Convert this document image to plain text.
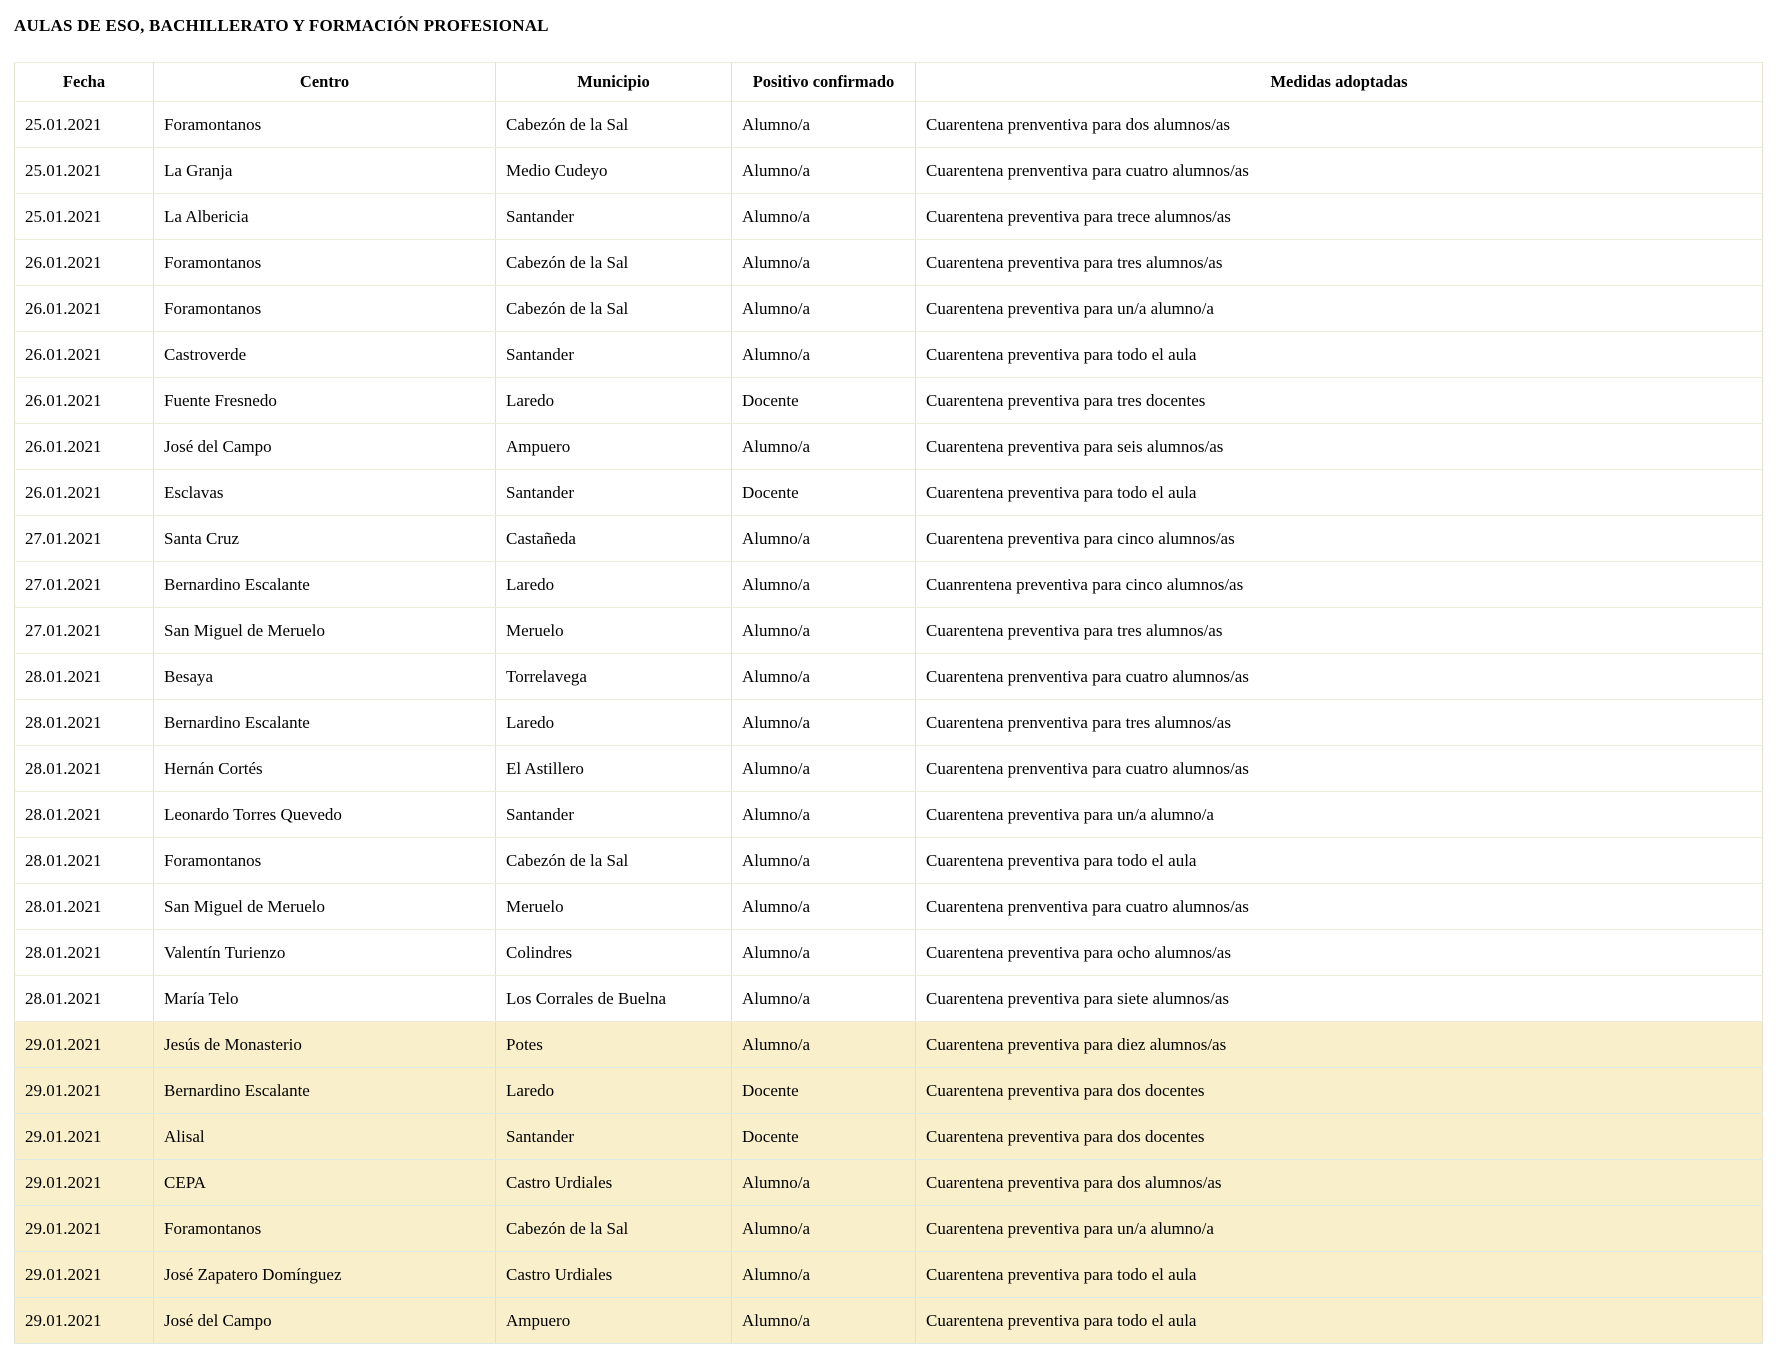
AULAS DE ESO, BACHILLERATO Y FORMACIÓN PROFESIONAL
Fecha	Centro	Municipio	Positivo confirmado	Medidas adoptadas
25.01.2021	Foramontanos	Cabezón de la Sal	Alumno/a	Cuarentena prenventiva para dos alumnos/as
25.01.2021	La Granja	Medio Cudeyo	Alumno/a	Cuarentena prenventiva para cuatro alumnos/as
25.01.2021	La Albericia	Santander	Alumno/a	Cuarentena preventiva para trece alumnos/as
26.01.2021	Foramontanos	Cabezón de la Sal	Alumno/a	Cuarentena preventiva para tres alumnos/as
26.01.2021	Foramontanos	Cabezón de la Sal	Alumno/a	Cuarentena preventiva para un/a alumno/a
26.01.2021	Castroverde	Santander	Alumno/a	Cuarentena preventiva para todo el aula
26.01.2021	Fuente Fresnedo	Laredo	Docente	Cuarentena preventiva para tres docentes
26.01.2021	José del Campo	Ampuero	Alumno/a	Cuarentena preventiva para seis alumnos/as
26.01.2021	Esclavas	Santander	Docente	Cuarentena preventiva para todo el aula
27.01.2021	Santa Cruz	Castañeda	Alumno/a	Cuarentena preventiva para cinco alumnos/as
27.01.2021	Bernardino Escalante	Laredo	Alumno/a	Cuanrentena preventiva para cinco alumnos/as
27.01.2021	San Miguel de Meruelo	Meruelo	Alumno/a	Cuarentena preventiva para tres alumnos/as
28.01.2021	Besaya	Torrelavega	Alumno/a	Cuarentena prenventiva para cuatro alumnos/as
28.01.2021	Bernardino Escalante	Laredo	Alumno/a	Cuarentena prenventiva para tres alumnos/as
28.01.2021	Hernán Cortés	El Astillero	Alumno/a	Cuarentena prenventiva para cuatro alumnos/as
28.01.2021	Leonardo Torres Quevedo	Santander	Alumno/a	Cuarentena preventiva para un/a alumno/a
28.01.2021	Foramontanos	Cabezón de la Sal	Alumno/a	Cuarentena preventiva para todo el aula
28.01.2021	San Miguel de Meruelo	Meruelo	Alumno/a	Cuarentena prenventiva para cuatro alumnos/as
28.01.2021	Valentín Turienzo	Colindres	Alumno/a	Cuarentena preventiva para ocho alumnos/as
28.01.2021	María Telo	Los Corrales de Buelna	Alumno/a	Cuarentena preventiva para siete alumnos/as
29.01.2021	Jesús de Monasterio	Potes	Alumno/a	Cuarentena preventiva para diez alumnos/as
29.01.2021	Bernardino Escalante	Laredo	Docente	Cuarentena preventiva para dos docentes
29.01.2021	Alisal	Santander	Docente	Cuarentena preventiva para dos docentes
29.01.2021	CEPA	Castro Urdiales	Alumno/a	Cuarentena preventiva para dos alumnos/as
29.01.2021	Foramontanos	Cabezón de la Sal	Alumno/a	Cuarentena preventiva para un/a alumno/a
29.01.2021	José Zapatero Domínguez	Castro Urdiales	Alumno/a	Cuarentena preventiva para todo el aula
29.01.2021	José del Campo	Ampuero	Alumno/a	Cuarentena preventiva para todo el aula
